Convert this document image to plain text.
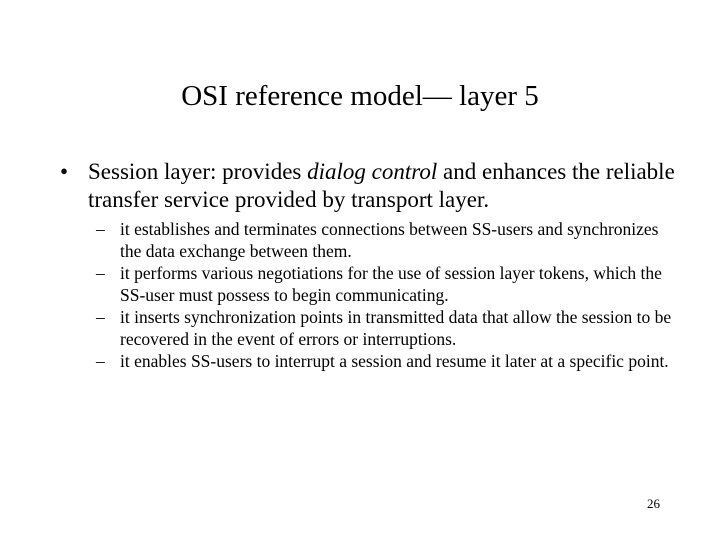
OSI reference model— layer 5
• Session layer: provides dialog control and enhances the reliable transfer service provided by transport layer.
– it establishes and terminates connections between SS-users and synchronizes the data exchange between them.
– it performs various negotiations for the use of session layer tokens, which the SS-user must possess to begin communicating.
– it inserts synchronization points in transmitted data that allow the session to be recovered in the event of errors or interruptions.
– it enables SS-users to interrupt a session and resume it later at a specific point.
26
